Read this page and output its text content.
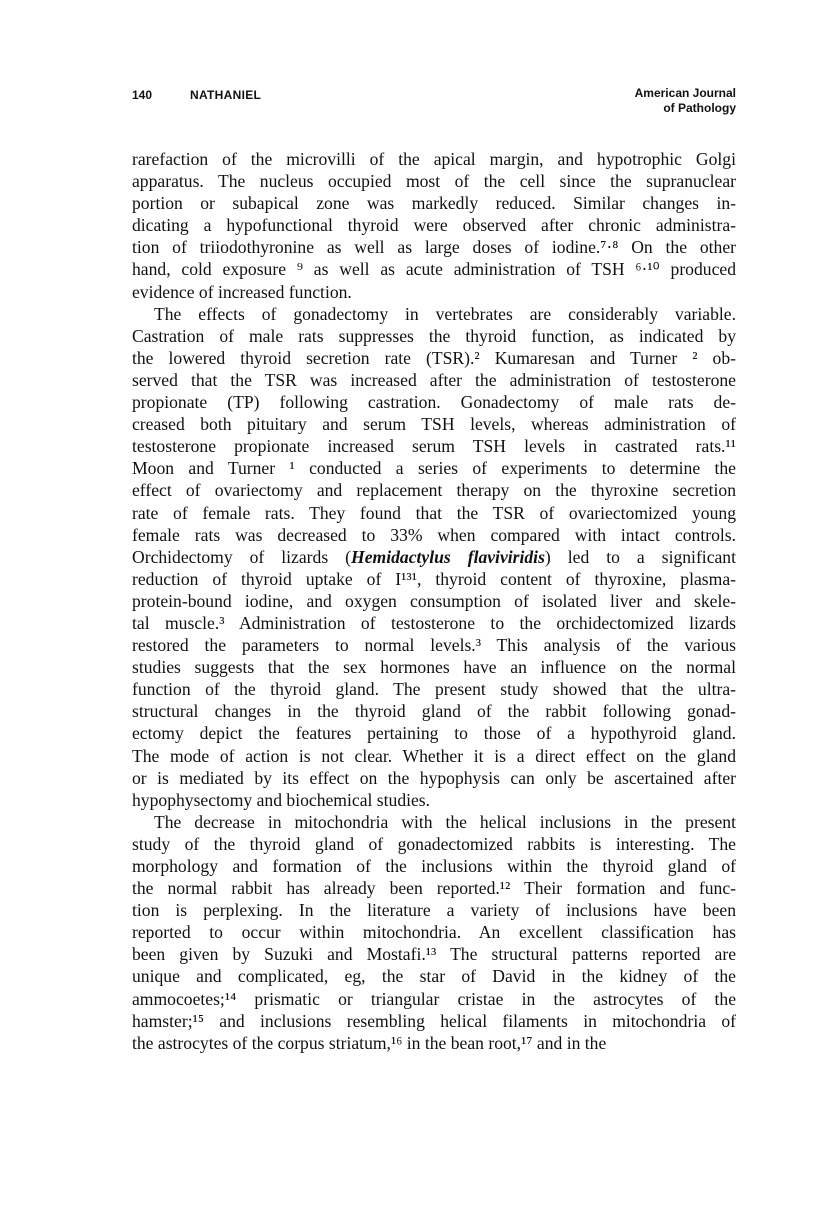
140	NATHANIEL	American Journal
of Pathology
rarefaction of the microvilli of the apical margin, and hypotrophic Golgi
apparatus. The nucleus occupied most of the cell since the supranuclear
portion or subapical zone was markedly reduced. Similar changes in-
dicating a hypofunctional thyroid were observed after chronic administra-
tion of triiodothyronine as well as large doses of iodine.⁷·⁸ On the other
hand, cold exposure ⁹ as well as acute administration of TSH ⁶·¹⁰ produced
evidence of increased function.
The effects of gonadectomy in vertebrates are considerably variable.
Castration of male rats suppresses the thyroid function, as indicated by
the lowered thyroid secretion rate (TSR).² Kumaresan and Turner ² ob-
served that the TSR was increased after the administration of testosterone
propionate (TP) following castration. Gonadectomy of male rats de-
creased both pituitary and serum TSH levels, whereas administration of
testosterone propionate increased serum TSH levels in castrated rats.¹¹
Moon and Turner ¹ conducted a series of experiments to determine the
effect of ovariectomy and replacement therapy on the thyroxine secretion
rate of female rats. They found that the TSR of ovariectomized young
female rats was decreased to 33% when compared with intact controls.
Orchidectomy of lizards (Hemidactylus flaviviridis) led to a significant
reduction of thyroid uptake of I¹³¹, thyroid content of thyroxine, plasma-
protein-bound iodine, and oxygen consumption of isolated liver and skele-
tal muscle.³ Administration of testosterone to the orchidectomized lizards
restored the parameters to normal levels.³ This analysis of the various
studies suggests that the sex hormones have an influence on the normal
function of the thyroid gland. The present study showed that the ultra-
structural changes in the thyroid gland of the rabbit following gonad-
ectomy depict the features pertaining to those of a hypothyroid gland.
The mode of action is not clear. Whether it is a direct effect on the gland
or is mediated by its effect on the hypophysis can only be ascertained after
hypophysectomy and biochemical studies.
The decrease in mitochondria with the helical inclusions in the present
study of the thyroid gland of gonadectomized rabbits is interesting. The
morphology and formation of the inclusions within the thyroid gland of
the normal rabbit has already been reported.¹² Their formation and func-
tion is perplexing. In the literature a variety of inclusions have been
reported to occur within mitochondria. An excellent classification has
been given by Suzuki and Mostafi.¹³ The structural patterns reported are
unique and complicated, eg, the star of David in the kidney of the
ammocoetes;¹⁴ prismatic or triangular cristae in the astrocytes of the
hamster;¹⁵ and inclusions resembling helical filaments in mitochondria of
the astrocytes of the corpus striatum,¹⁶ in the bean root,¹⁷ and in the
